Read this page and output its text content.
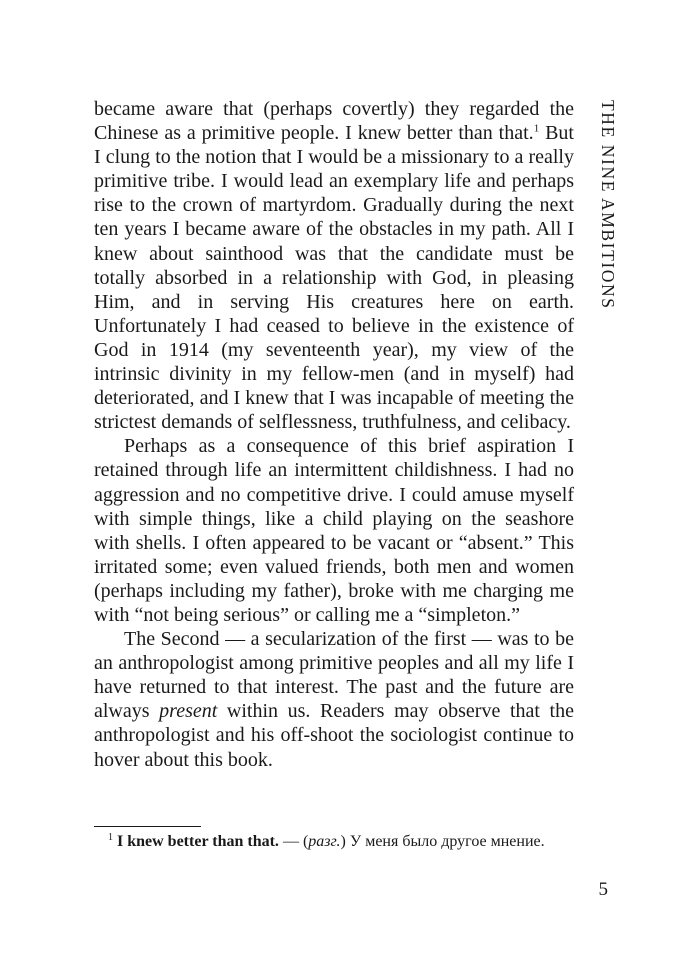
THE NINE AMBITIONS

became aware that (perhaps covertly) they regarded the Chinese as a primitive people. I knew better than that.$^1$ But I clung to the notion that I would be a missionary to a really primitive tribe. I would lead an exemplary life and perhaps rise to the crown of martyrdom. Gradually during the next ten years I became aware of the obstacles in my path. All I knew about sainthood was that the candidate must be totally absorbed in a relationship with God, in pleasing Him, and in serving His creatures here on earth. Unfortunately I had ceased to believe in the existence of God in 1914 (my seventeenth year), my view of the intrinsic divinity in my fellow-men (and in myself) had deteriorated, and I knew that I was incapable of meeting the strictest demands of selflessness, truthfulness, and celibacy.

Perhaps as a consequence of this brief aspiration I retained through life an intermittent childishness. I had no aggression and no competitive drive. I could amuse myself with simple things, like a child playing on the seashore with shells. I often appeared to be vacant or “absent.” This irritated some; even valued friends, both men and women (perhaps including my father), broke with me charging me with “not being serious” or calling me a “simpleton.”

The Second — a secularization of the first — was to be an anthropologist among primitive peoples and all my life I have returned to that interest. The past and the future are always present within us. Readers may observe that the anthropologist and his off-shoot the sociologist continue to hover about this book.

$^1$ I knew better than that. — (разг.) У меня было другое мнение.
5
